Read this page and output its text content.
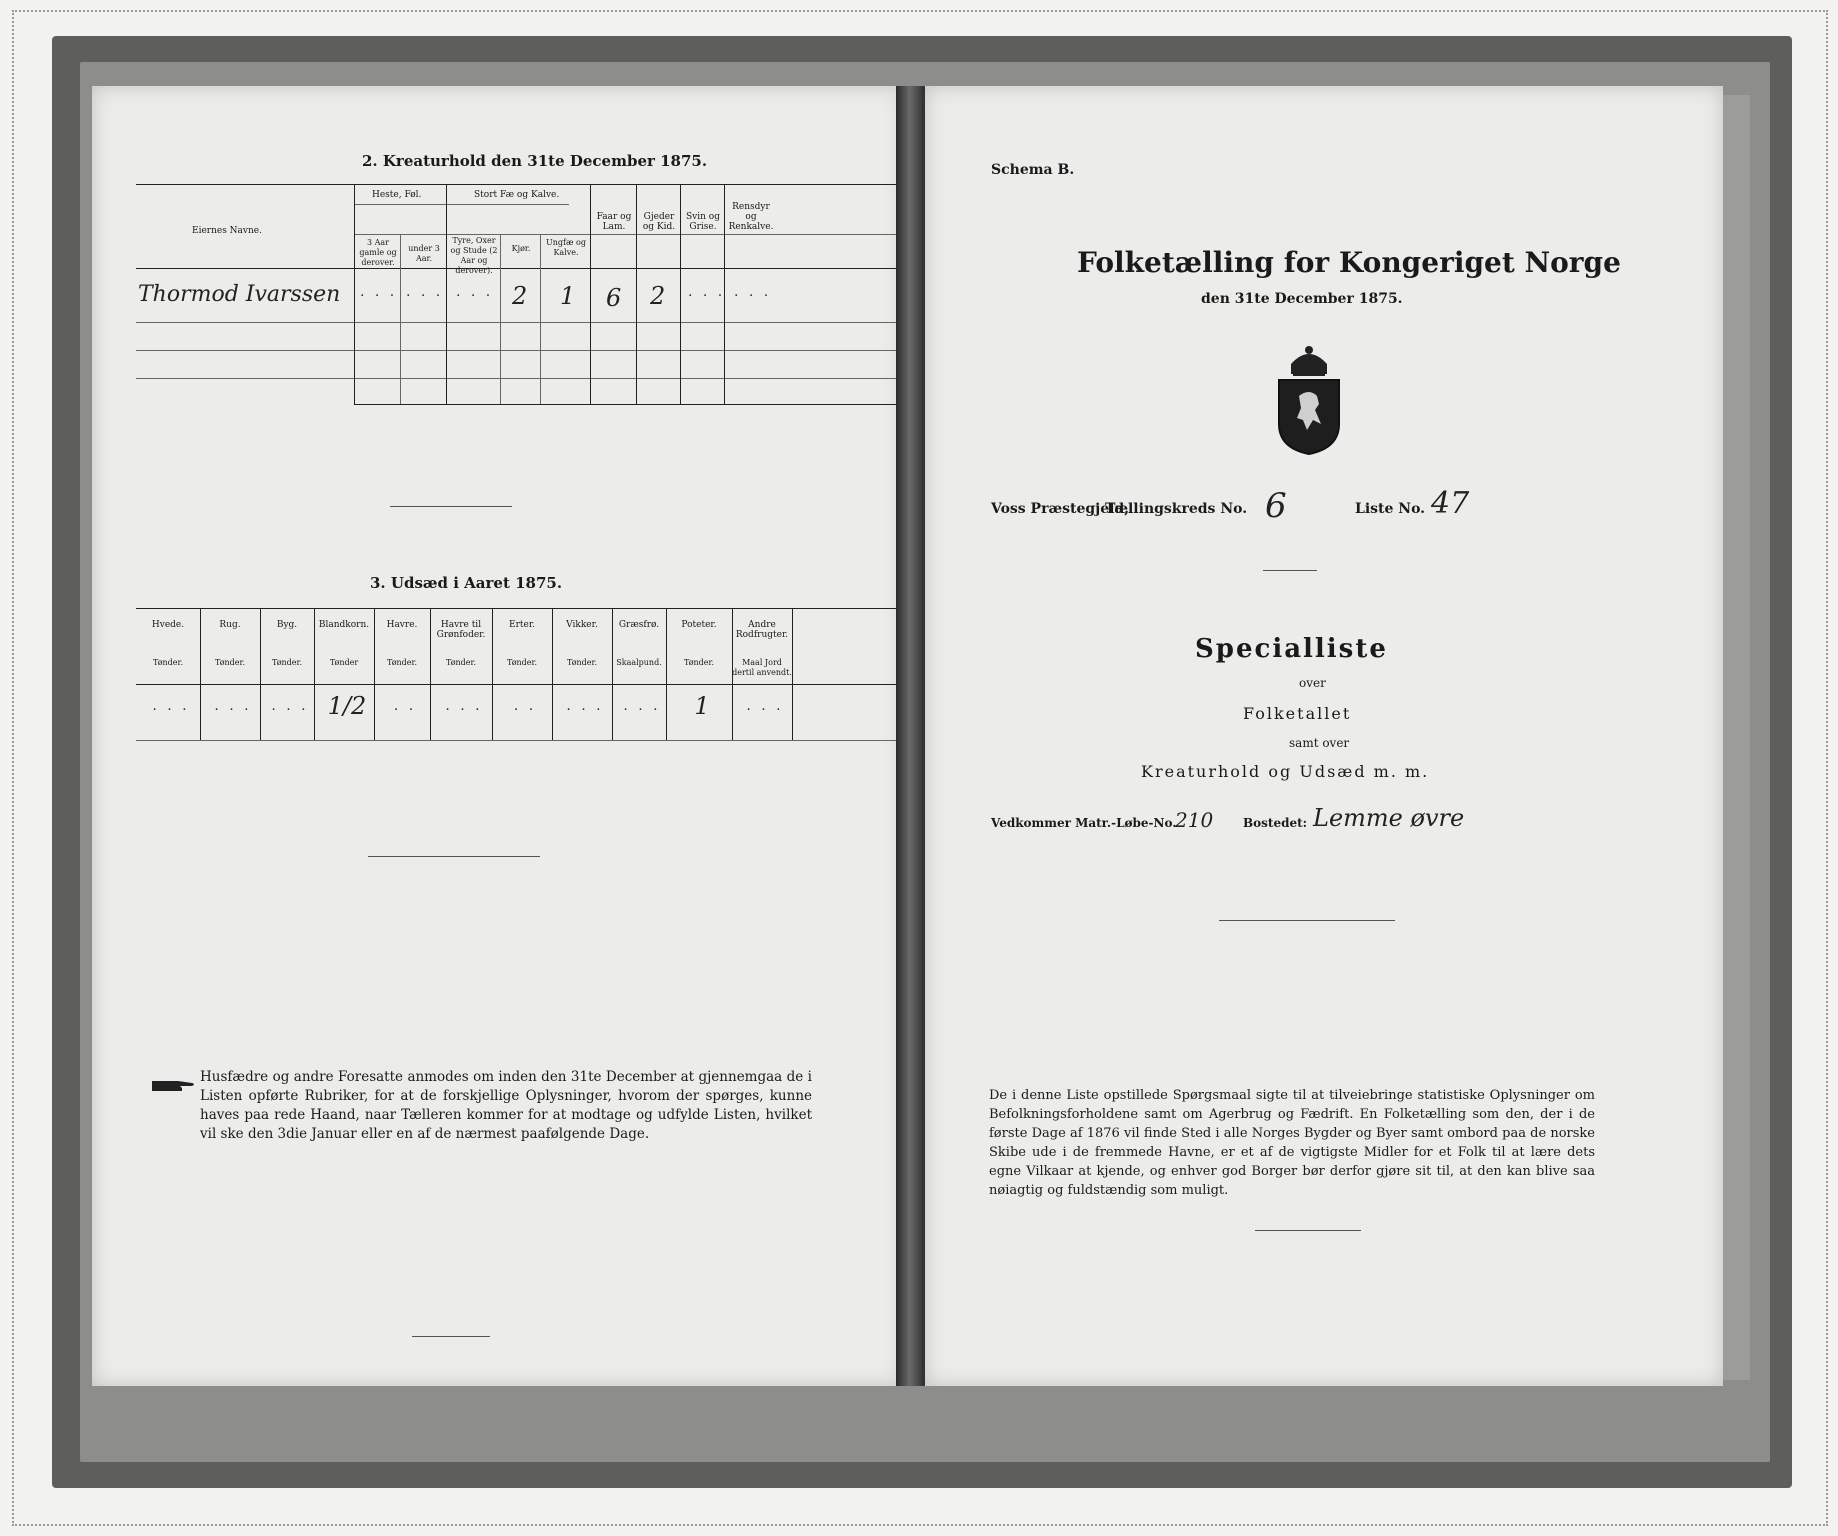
2. Kreaturhold den 31te December 1875.
Eiernes Navne.
Heste, Føl.
3 Aar gamle og derover.
under 3 Aar.
Stort Fæ og Kalve.
Tyre, Oxer og Stude (2 Aar og derover).
Kjør.
Ungfæ og Kalve.
Faar og Lam.
Gjeder og Kid.
Svin og Grise.
Rensdyr og Renkalve.
Thormod Ivarssen . . . . . . . . . 2 1 6 2 . . . . . .
3. Udsæd i Aaret 1875.
Husfædre og andre Foresatte anmodes om inden den 31te December at gjennemgaa de i Listen opførte Rubriker, for at de forskjellige Oplysninger, hvorom der spørges, kunne haves paa rede Haand, naar Tælleren kommer for at modtage og udfylde Listen, hvilket vil ske den 3die Januar eller en af de nærmest paafølgende Dage.
Hvede.
Tønder.
. . .
Rug.
Tønder.
. . .
Byg.
Tønder.
. . .
Blandkorn.
Tønder
1/2
Havre.
Tønder.
. .
Havre til Grønfoder.
Tønder.
. . .
Erter.
Tønder.
. .
Vikker.
Tønder.
. . .
Græsfrø.
Skaalpund.
. . .
Poteter.
Tønder.
1
Andre Rodfrugter.
Maal Jord dertil anvendt.
. . .
Schema B.
Folketælling for Kongeriget Norge
den 31te December 1875.
Voss Præstegjeld,
Tællingskreds No. 6	Liste No. 47
Specialliste
over
Folketallet
samt over
Kreaturhold og Udsæd m. m.
Vedkommer Matr.-Løbe-No.
210 Bostedet: Lemme øvre
De i denne Liste opstillede Spørgsmaal sigte til at tilveiebringe statistiske Oplysninger om Befolkningsforholdene samt om Agerbrug og Fædrift. En Folketælling som den, der i de første Dage af 1876 vil finde Sted i alle Norges Bygder og Byer samt ombord paa de norske Skibe ude i de fremmede Havne, er et af de vigtigste Midler for et Folk til at lære dets egne Vilkaar at kjende, og enhver god Borger bør derfor gjøre sit til, at den kan blive saa nøiagtig og fuldstændig som muligt.
